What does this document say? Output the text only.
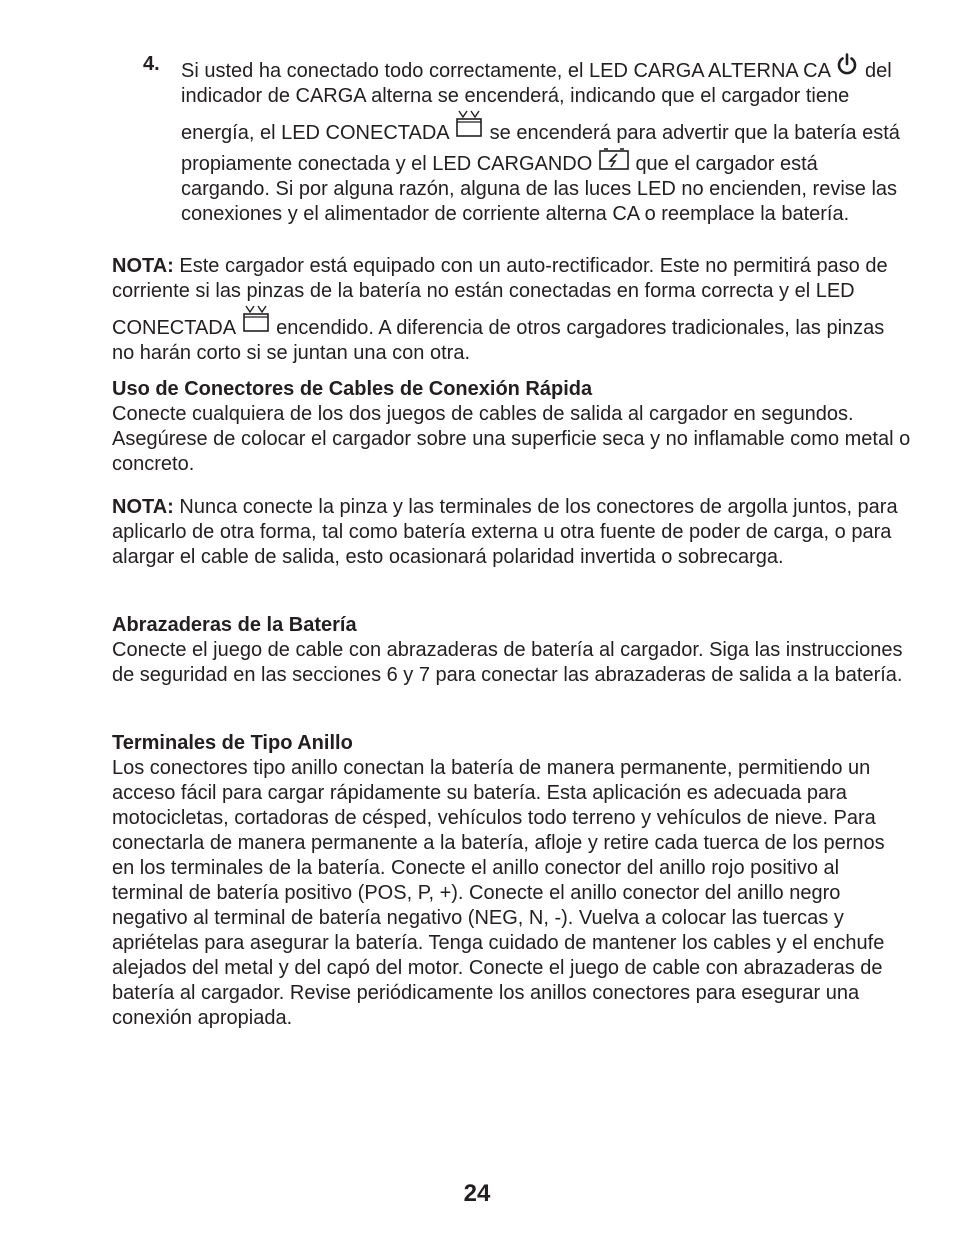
4. Si usted ha conectado todo correctamente, el LED CARGA ALTERNA CA del indicador de CARGA alterna se encenderá, indicando que el cargador tiene energía, el LED CONECTADA se encenderá para advertir que la batería está propiamente conectada y el LED CARGANDO que el cargador está cargando. Si por alguna razón, alguna de las luces LED no encienden, revise las conexiones y el alimentador de corriente alterna CA o reemplace la batería.

NOTA: Este cargador está equipado con un auto-rectificador. Este no permitirá paso de corriente si las pinzas de la batería no están conectadas en forma correcta y el LED CONECTADA encendido. A diferencia de otros cargadores tradicionales, las pinzas no harán corto si se juntan una con otra.

Uso de Conectores de Cables de Conexión Rápida

Conecte cualquiera de los dos juegos de cables de salida al cargador en segundos. Asegúrese de colocar el cargador sobre una superficie seca y no inflamable como metal o concreto.

NOTA: Nunca conecte la pinza y las terminales de los conectores de argolla juntos, para aplicarlo de otra forma, tal como batería externa u otra fuente de poder de carga, o para alargar el cable de salida, esto ocasionará polaridad invertida o sobrecarga.

Abrazaderas de la Batería

Conecte el juego de cable con abrazaderas de batería al cargador. Siga las instrucciones de seguridad en las secciones 6 y 7 para conectar las abrazaderas de salida a la batería.

Terminales de Tipo Anillo

Los conectores tipo anillo conectan la batería de manera permanente, permitiendo un acceso fácil para cargar rápidamente su batería. Esta aplicación es adecuada para motocicletas, cortadoras de césped, vehículos todo terreno y vehículos de nieve. Para conectarla de manera permanente a la batería, afloje y retire cada tuerca de los pernos en los terminales de la batería. Conecte el anillo conector del anillo rojo positivo al terminal de batería positivo (POS, P, +). Conecte el anillo conector del anillo negro negativo al terminal de batería negativo (NEG, N, -). Vuelva a colocar las tuercas y apriételas para asegurar la batería. Tenga cuidado de mantener los cables y el enchufe alejados del metal y del capó del motor. Conecte el juego de cable con abrazaderas de batería al cargador. Revise periódicamente los anillos conectores para esegurar una conexión apropiada.

24
